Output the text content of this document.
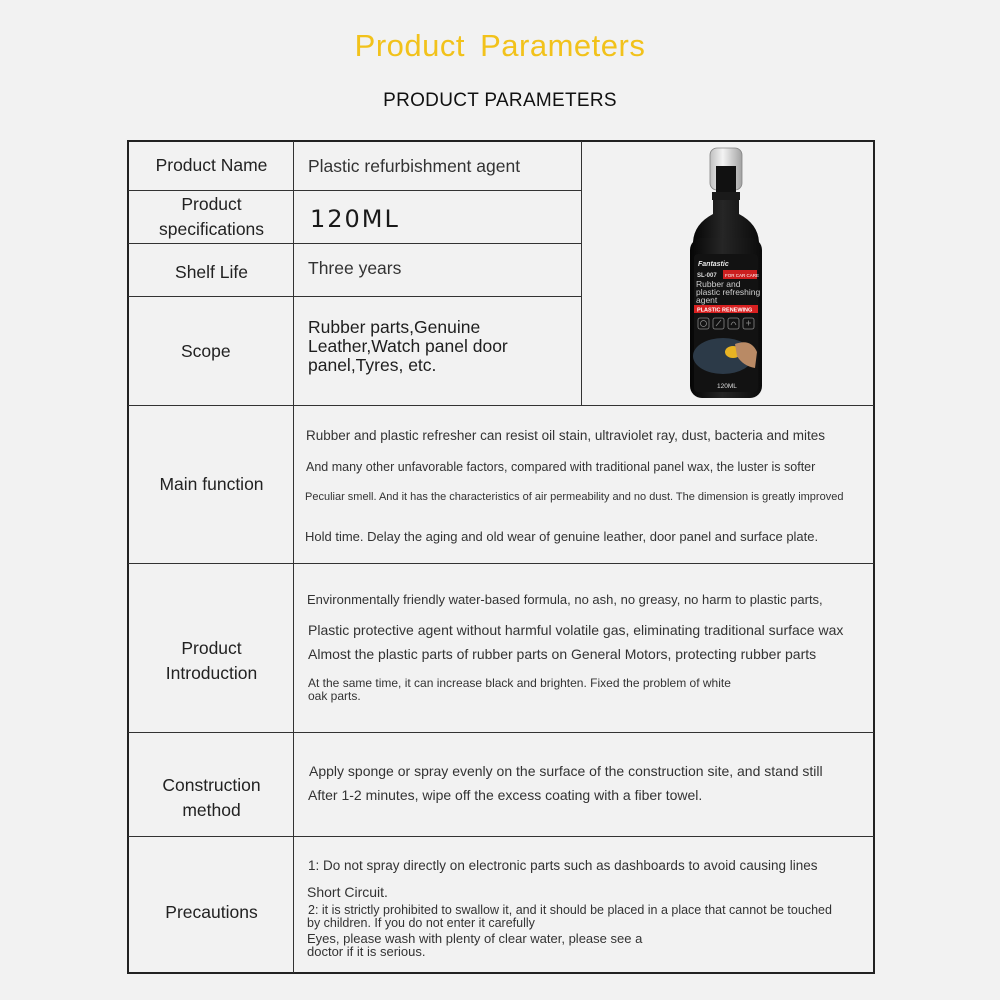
Product Parameters
PRODUCT PARAMETERS
Product Name
Product specifications
Shelf Life
Scope
Main function
Product Introduction
Construction method
Precautions
Plastic refurbishment agent
120ML
Three years
Rubber parts,Genuine Leather,Watch panel door panel,Tyres, etc.
Rubber and plastic refresher can resist oil stain, ultraviolet ray, dust, bacteria and mites
And many other unfavorable factors, compared with traditional panel wax, the luster is softer
Peculiar smell. And it has the characteristics of air permeability and no dust. The dimension is greatly improved
Hold time. Delay the aging and old wear of genuine leather, door panel and surface plate.
Environmentally friendly water-based formula, no ash, no greasy, no harm to plastic parts,
Plastic protective agent without harmful volatile gas, eliminating traditional surface wax
Almost the plastic parts of rubber parts on General Motors, protecting rubber parts
At the same time, it can increase black and brighten. Fixed the problem of white
oak parts.
Apply sponge or spray evenly on the surface of the construction site, and stand still
After 1-2 minutes, wipe off the excess coating with a fiber towel.
1: Do not spray directly on electronic parts such as dashboards to avoid causing lines
Short Circuit.
2: it is strictly prohibited to swallow it, and it should be placed in a place that cannot be touched
by children. If you do not enter it carefully
Eyes, please wash with plenty of clear water, please see a
doctor if it is serious.
Fantastic
SL-007 FOR CAR CARE
Rubber and
plastic refreshing
agent
PLASTIC RENEWING
120ML
